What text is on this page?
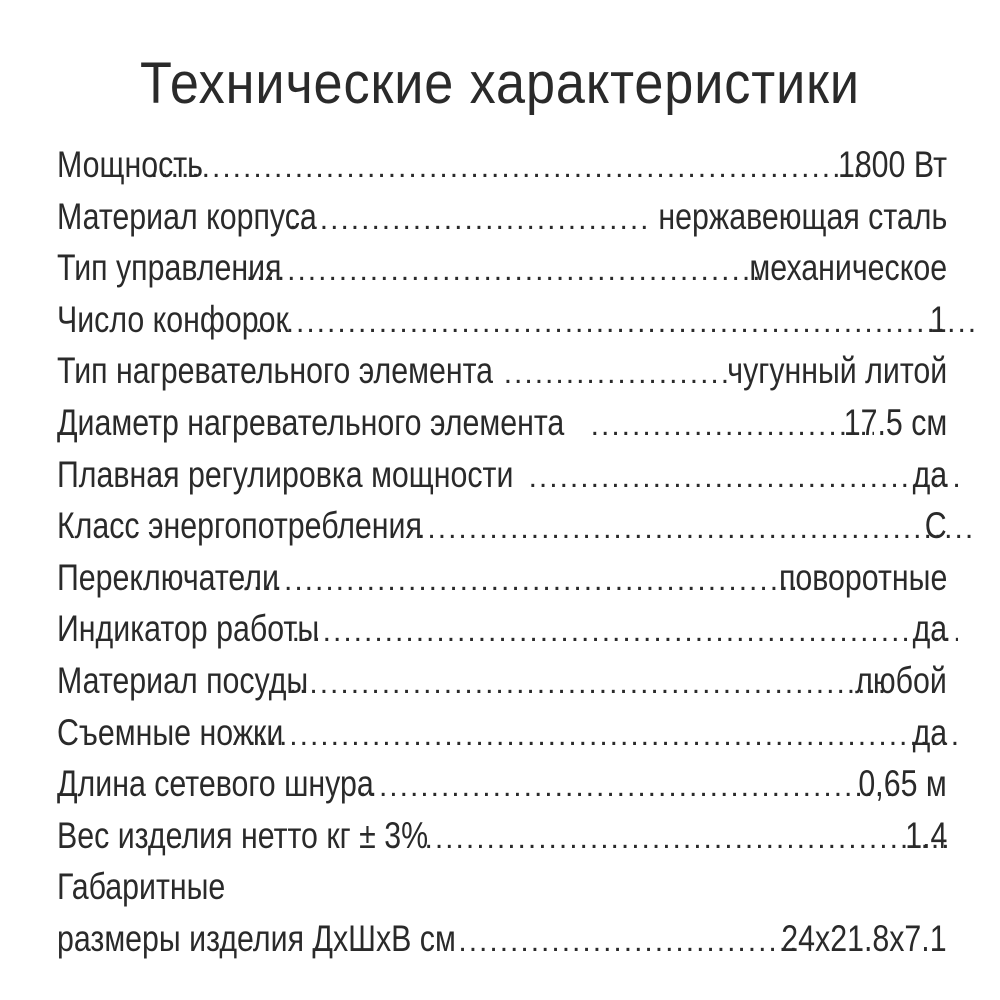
Технические характеристики
Мощность .....	1800 Вт
Материал корпуса .....	нержавеющая сталь
Тип управления .....	механическое
Число конфорок .....	1
Тип нагревательного элемента .....	чугунный литой
Диаметр нагревательного элемента .....	17.5 см
Плавная регулировка мощности .....	да
Класс энергопотребления .....	С
Переключатели .....	поворотные
Индикатор работы .....	да
Материал посуды .....	любой
Съемные ножки .....	да
Длина сетевого шнура .....	0,65 м
Вес изделия нетто кг ± 3% .....	1.4
Габаритные
размеры изделия ДхШхВ см .....	24x21.8x7.1
